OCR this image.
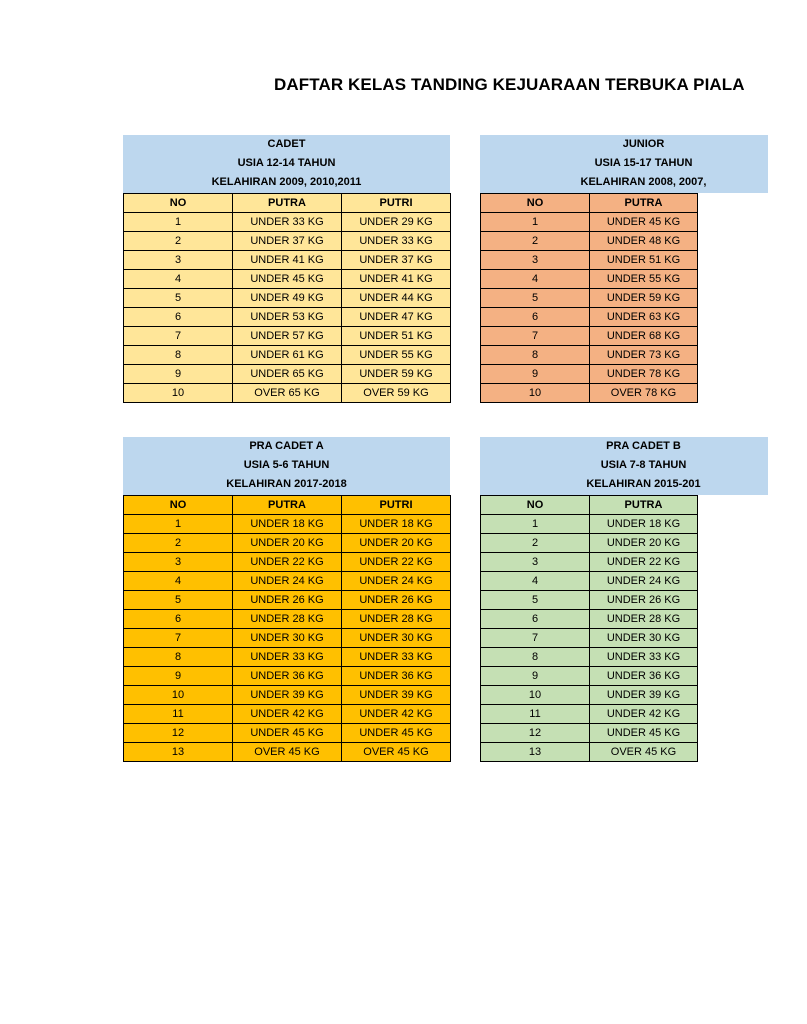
DAFTAR KELAS TANDING KEJUARAAN TERBUKA PIALA
CADET
USIA 12-14 TAHUN
KELAHIRAN 2009, 2010,2011
NO	PUTRA	PUTRI
1	UNDER 33 KG	UNDER 29 KG
2	UNDER 37 KG	UNDER 33 KG
3	UNDER 41 KG	UNDER 37 KG
4	UNDER 45 KG	UNDER 41 KG
5	UNDER 49 KG	UNDER 44 KG
6	UNDER 53 KG	UNDER 47 KG
7	UNDER 57 KG	UNDER 51 KG
8	UNDER 61 KG	UNDER 55 KG
9	UNDER 65 KG	UNDER 59 KG
10	OVER 65 KG	OVER 59 KG
JUNIOR
USIA 15-17 TAHUN
KELAHIRAN 2008, 2007,
NO	PUTRA
1	UNDER 45 KG
2	UNDER 48 KG
3	UNDER 51 KG
4	UNDER 55 KG
5	UNDER 59 KG
6	UNDER 63 KG
7	UNDER 68 KG
8	UNDER 73 KG
9	UNDER 78 KG
10	OVER 78 KG
PRA CADET A
USIA 5-6 TAHUN
KELAHIRAN 2017-2018
NO	PUTRA	PUTRI
1	UNDER 18 KG	UNDER 18 KG
2	UNDER 20 KG	UNDER 20 KG
3	UNDER 22 KG	UNDER 22 KG
4	UNDER 24 KG	UNDER 24 KG
5	UNDER 26 KG	UNDER 26 KG
6	UNDER 28 KG	UNDER 28 KG
7	UNDER 30 KG	UNDER 30 KG
8	UNDER 33 KG	UNDER 33 KG
9	UNDER 36 KG	UNDER 36 KG
10	UNDER 39 KG	UNDER 39 KG
11	UNDER 42 KG	UNDER 42 KG
12	UNDER 45 KG	UNDER 45 KG
13	OVER 45 KG	OVER 45 KG
PRA CADET B
USIA 7-8 TAHUN
KELAHIRAN 2015-201
NO	PUTRA
1	UNDER 18 KG
2	UNDER 20 KG
3	UNDER 22 KG
4	UNDER 24 KG
5	UNDER 26 KG
6	UNDER 28 KG
7	UNDER 30 KG
8	UNDER 33 KG
9	UNDER 36 KG
10	UNDER 39 KG
11	UNDER 42 KG
12	UNDER 45 KG
13	OVER 45 KG
